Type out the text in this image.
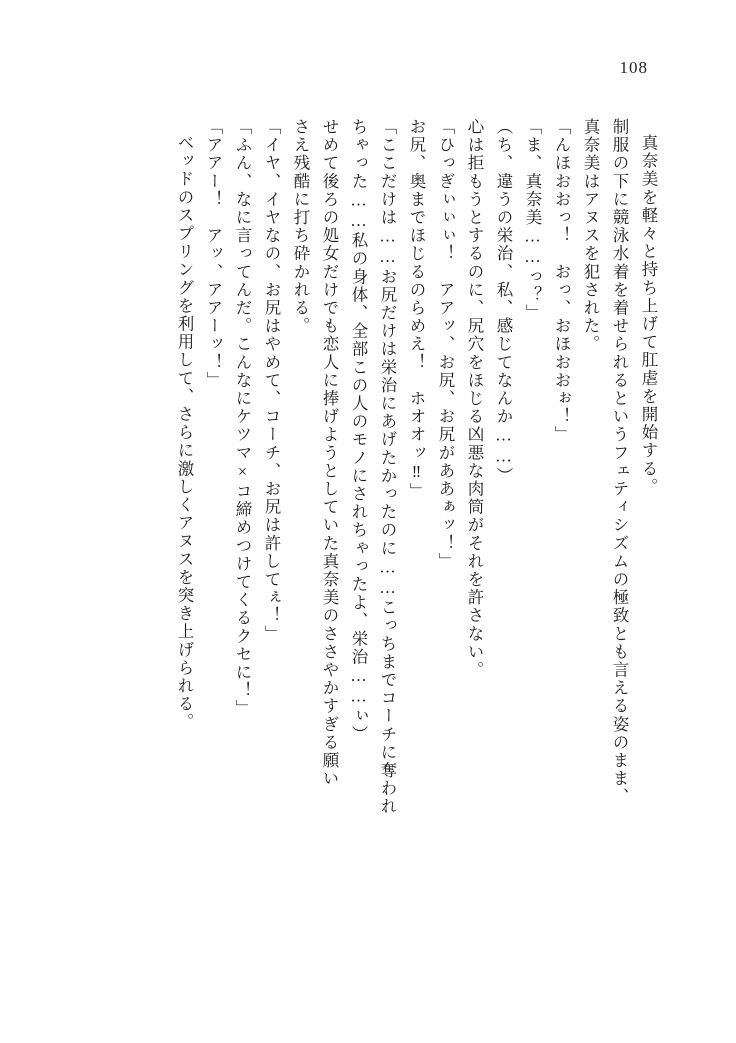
108
真奈美を軽々と持ち上げて肛虐を開始する。
制服の下に競泳水着を着せられるというフェティシズムの極致とも言える姿のまま、
真奈美はアヌスを犯された。
「んほおおっ！　おっ、おほおおぉ！」
「ま、真奈美……っ？」
（ち、違うの栄治、私、感じてなんか……）
心は拒もうとするのに、尻穴をほじる凶悪な肉筒がそれを許さない。
「ひっぎぃぃぃ！　アアッ、お尻、お尻がああぁッ！」
お尻、奥までほじるのらめえ！　ホオオッ‼」
「ここだけは……お尻だけは栄治にあげたかったのに……こっちまでコーチに奪われ
ちゃった……私の身体、全部この人のモノにされちゃったよ、栄治……ぃ）
せめて後ろの処女だけでも恋人に捧げようとしていた真奈美のささやかすぎる願い
さえ残酷に打ち砕かれる。
「イヤ、イヤなの、お尻はやめて、コーチ、お尻は許してぇ！」
「ふん、なに言ってんだ。こんなにケツマ×コ締めつけてくるクセに！」
「アアー！　アッ、アアーッ！」
ベッドのスプリングを利用して、さらに激しくアヌスを突き上げられる。
